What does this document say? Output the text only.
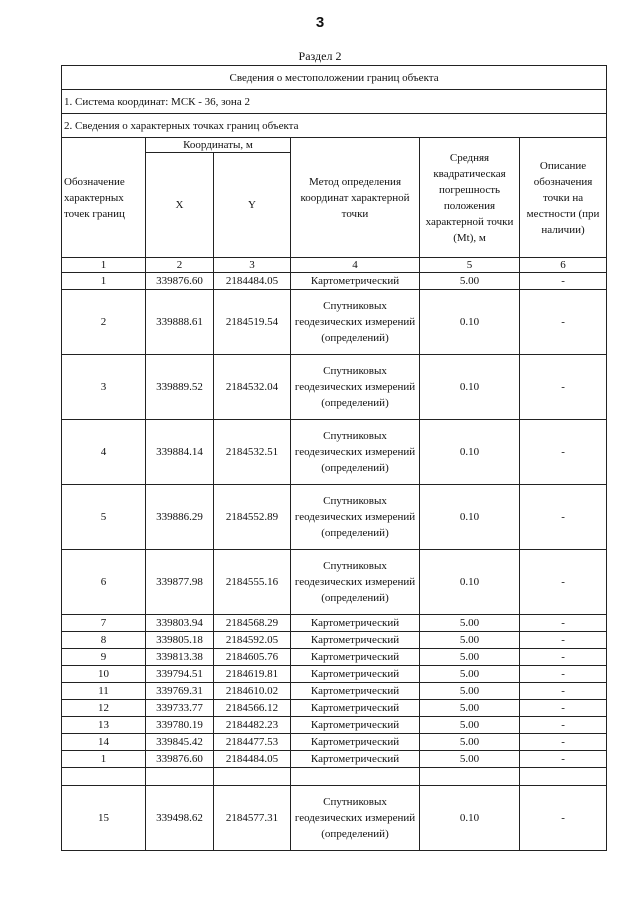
3
Раздел 2
Сведения о местоположении границ объекта					
1. Система координат: МСК - 36, зона 2					
2. Сведения о характерных точках границ объекта					
Обозначение характерных точек границ	Координаты, м		Метод определения координат характерной точки	Средняя квадратическая погрешность положения характерной точки (Mt), м	Описание обозначения точки на местности (при наличии)
	X	Y			
1	2	3	4	5	6
1	339876.60	2184484.05	Картометрический	5.00	-
2	339888.61	2184519.54	Спутниковых геодезических измерений (определений)	0.10	-
3	339889.52	2184532.04	Спутниковых геодезических измерений (определений)	0.10	-
4	339884.14	2184532.51	Спутниковых геодезических измерений (определений)	0.10	-
5	339886.29	2184552.89	Спутниковых геодезических измерений (определений)	0.10	-
6	339877.98	2184555.16	Спутниковых геодезических измерений (определений)	0.10	-
7	339803.94	2184568.29	Картометрический	5.00	-
8	339805.18	2184592.05	Картометрический	5.00	-
9	339813.38	2184605.76	Картометрический	5.00	-
10	339794.51	2184619.81	Картометрический	5.00	-
11	339769.31	2184610.02	Картометрический	5.00	-
12	339733.77	2184566.12	Картометрический	5.00	-
13	339780.19	2184482.23	Картометрический	5.00	-
14	339845.42	2184477.53	Картометрический	5.00	-
1	339876.60	2184484.05	Картометрический	5.00	-

15	339498.62	2184577.31	Спутниковых геодезических измерений (определений)	0.10	-
